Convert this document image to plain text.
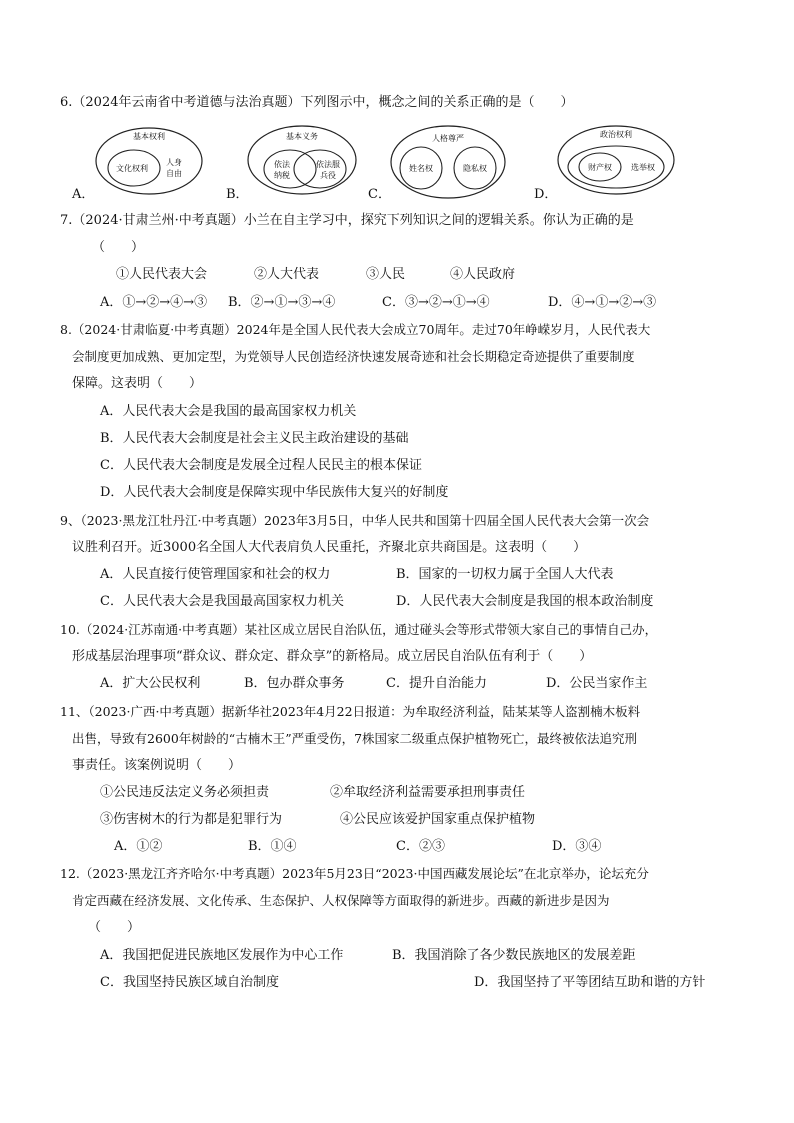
6.（2024年云南省中考道德与法治真题）下列图示中，概念之间的关系正确的是（　　）
A．
基本权利
文化权利
人身
自由
B．
基本义务
依法
纳税
依法服
兵役
C．
人格尊严
姓名权	隐私权
D．
政治权利
财产权 选举权
7.（2024·甘肃兰州·中考真题）小兰在自主学习中，探究下列知识之间的逻辑关系。你认为正确的是
（　　）
①人民代表大会	②人大代表	③人民	④人民政府
A．①→②→④→③ B．②→①→③→④	C．③→②→①→④	D．④→①→②→③
8.（2024·甘肃临夏·中考真题）2024年是全国人民代表大会成立70周年。走过70年峥嵘岁月，人民代表大
会制度更加成熟、更加定型，为党领导人民创造经济快速发展奇迹和社会长期稳定奇迹提供了重要制度
保障。这表明（　　）
A．人民代表大会是我国的最高国家权力机关
B．人民代表大会制度是社会主义民主政治建设的基础
C．人民代表大会制度是发展全过程人民民主的根本保证
D．人民代表大会制度是保障实现中华民族伟大复兴的好制度
9、（2023·黑龙江牡丹江·中考真题）2023年3月5日，中华人民共和国第十四届全国人民代表大会第一次会
议胜利召开。近3000名全国人大代表肩负人民重托，齐聚北京共商国是。这表明（　　）
A．人民直接行使管理国家和社会的权力	B．国家的一切权力属于全国人大代表
C．人民代表大会是我国最高国家权力机关	D．人民代表大会制度是我国的根本政治制度
10.（2024·江苏南通·中考真题）某社区成立居民自治队伍，通过碰头会等形式带领大家自己的事情自己办，
形成基层治理事项“群众议、群众定、群众享”的新格局。成立居民自治队伍有利于（　　）
A．扩大公民权利	B．包办群众事务	C．提升自治能力	D．公民当家作主
11、（2023·广西·中考真题）据新华社2023年4月22日报道：为牟取经济利益，陆某某等人盗割楠木板料
出售，导致有2600年树龄的“古楠木王”严重受伤，7株国家二级重点保护植物死亡，最终被依法追究刑
事责任。该案例说明（　　）
①公民违反法定义务必须担责	②牟取经济利益需要承担刑事责任
③伤害树木的行为都是犯罪行为	④公民应该爱护国家重点保护植物
A．①②	B．①④	C．②③	D．③④
12.（2023·黑龙江齐齐哈尔·中考真题）2023年5月23日“2023·中国西藏发展论坛”在北京举办，论坛充分
肯定西藏在经济发展、文化传承、生态保护、人权保障等方面取得的新进步。西藏的新进步是因为
（　　）
A．我国把促进民族地区发展作为中心工作	B．我国消除了各少数民族地区的发展差距
C．我国坚持民族区域自治制度	D．我国坚持了平等团结互助和谐的方针
